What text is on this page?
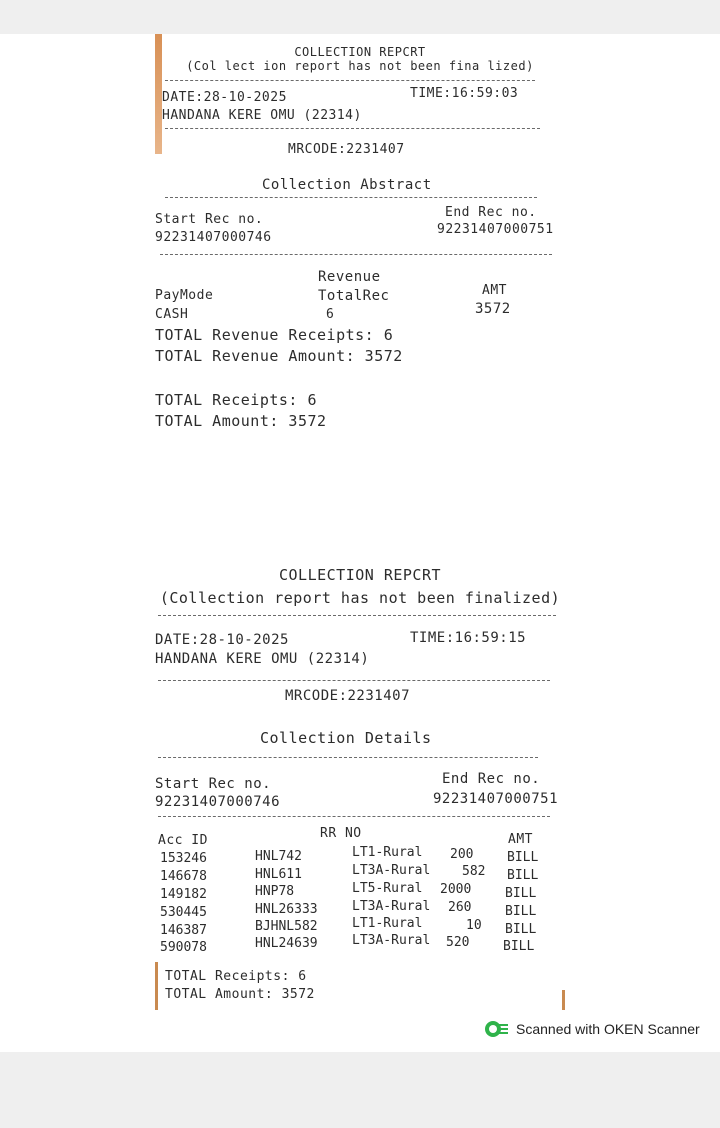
COLLECTION REPCRT
(Col lect ion report has not been fina lized)
DATE:28-10-2025	TIME:16:59:03
HANDANA KERE OMU (22314)
MRCODE:2231407
Collection Abstract
Start Rec no.
92231407000746
End Rec no.
92231407000751
Revenue
PayMode	TotalRec	AMT
CASH	6	3572
TOTAL Revenue Receipts: 6
TOTAL Revenue Amount: 3572
TOTAL Receipts: 6
TOTAL Amount: 3572
COLLECTION REPCRT
(Collection report has not been finalized)
DATE:28-10-2025	TIME:16:59:15
HANDANA KERE OMU (22314)
MRCODE:2231407
Collection Details
Start Rec no.
92231407000746
End Rec no.
92231407000751
Acc ID	RR NO	AMT
153246	HNL742	LT1-Rural 200	BILL
146678	HNL611	LT3A-Rural 582 BILL
149182	HNP78	LT5-Rural 2000	BILL
530445	HNL26333	LT3A-Rural 260	BILL
146387	BJHNL582	LT1-Rural	10 BILL
590078	HNL24639	LT3A-Rural 520	BILL
TOTAL Receipts: 6
TOTAL Amount: 3572
Scanned with OKEN Scanner
